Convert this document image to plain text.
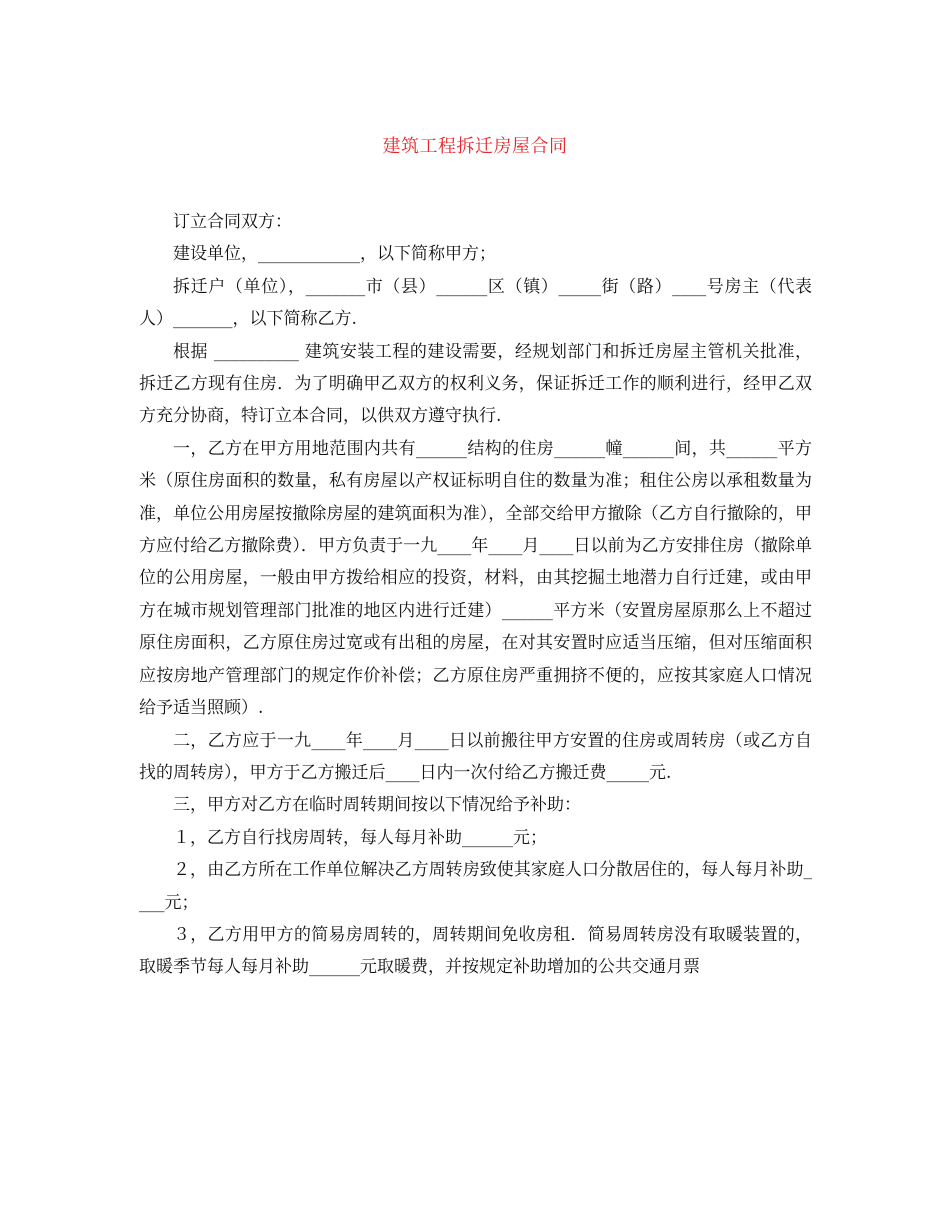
建筑工程拆迁房屋合同

订立合同双方：

建设单位，____________，以下简称甲方；

拆迁户（单位），_______市（县）______区（镇）_____街（路）____号房主（代表人）_______，以下简称乙方.

根据 __________ 建筑安装工程的建设需要，经规划部门和拆迁房屋主管机关批准，拆迁乙方现有住房．为了明确甲乙双方的权利义务，保证拆迁工作的顺利进行，经甲乙双方充分协商，特订立本合同，以供双方遵守执行.

一，乙方在甲方用地范围内共有______结构的住房______幢______间，共______平方米（原住房面积的数量，私有房屋以产权证标明自住的数量为准；租住公房以承租数量为准，单位公用房屋按撤除房屋的建筑面积为准），全部交给甲方撤除（乙方自行撤除的，甲方应付给乙方撤除费）．甲方负责于一九____年____月____日以前为乙方安排住房（撤除单位的公用房屋，一般由甲方拨给相应的投资，材料，由其挖掘土地潜力自行迁建，或由甲方在城市规划管理部门批准的地区内进行迁建）______平方米（安置房屋原那么上不超过原住房面积，乙方原住房过宽或有出租的房屋，在对其安置时应适当压缩，但对压缩面积应按房地产管理部门的规定作价补偿；乙方原住房严重拥挤不便的，应按其家庭人口情况给予适当照顾）.

二，乙方应于一九____年____月____日以前搬往甲方安置的住房或周转房（或乙方自找的周转房），甲方于乙方搬迁后____日内一次付给乙方搬迁费_____元.

三，甲方对乙方在临时周转期间按以下情况给予补助：

１，乙方自行找房周转，每人每月补助______元；

２，由乙方所在工作单位解决乙方周转房致使其家庭人口分散居住的，每人每月补助____元；

３，乙方用甲方的简易房周转的，周转期间免收房租．简易周转房没有取暖装置的，取暖季节每人每月补助______元取暖费，并按规定补助增加的公共交通月票
